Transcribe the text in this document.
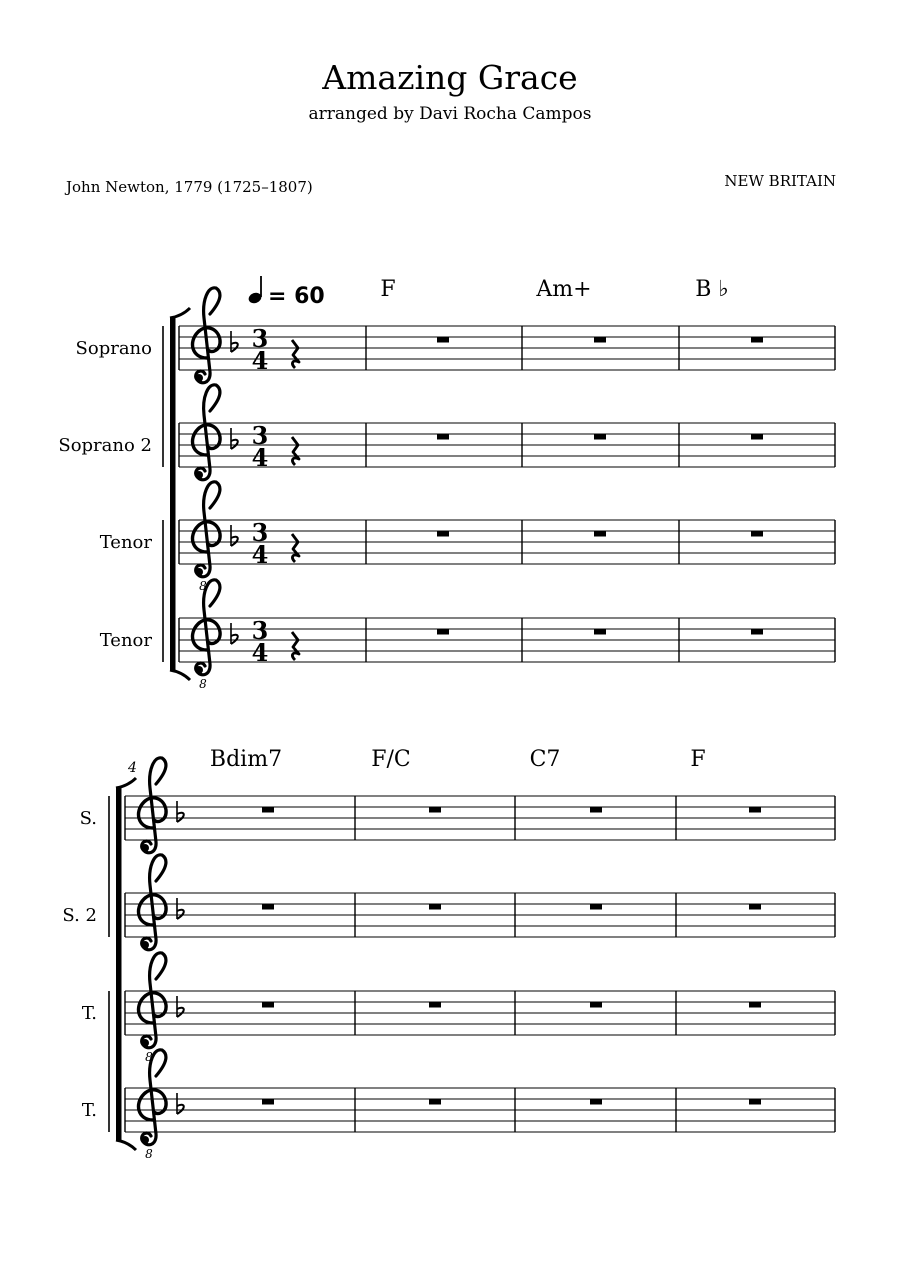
Amazing Grace
arranged by Davi Rocha Campos
John Newton, 1779 (1725–1807)	NEW BRITAIN
3
4
Soprano
3
4
Soprano 2
8
3
4
Tenor
8
3
4
Tenor
F	Am+	B ♭
S.
S. 2
8
T.
8
T.
Bdim7	F/C	C7	F
4
= 60
